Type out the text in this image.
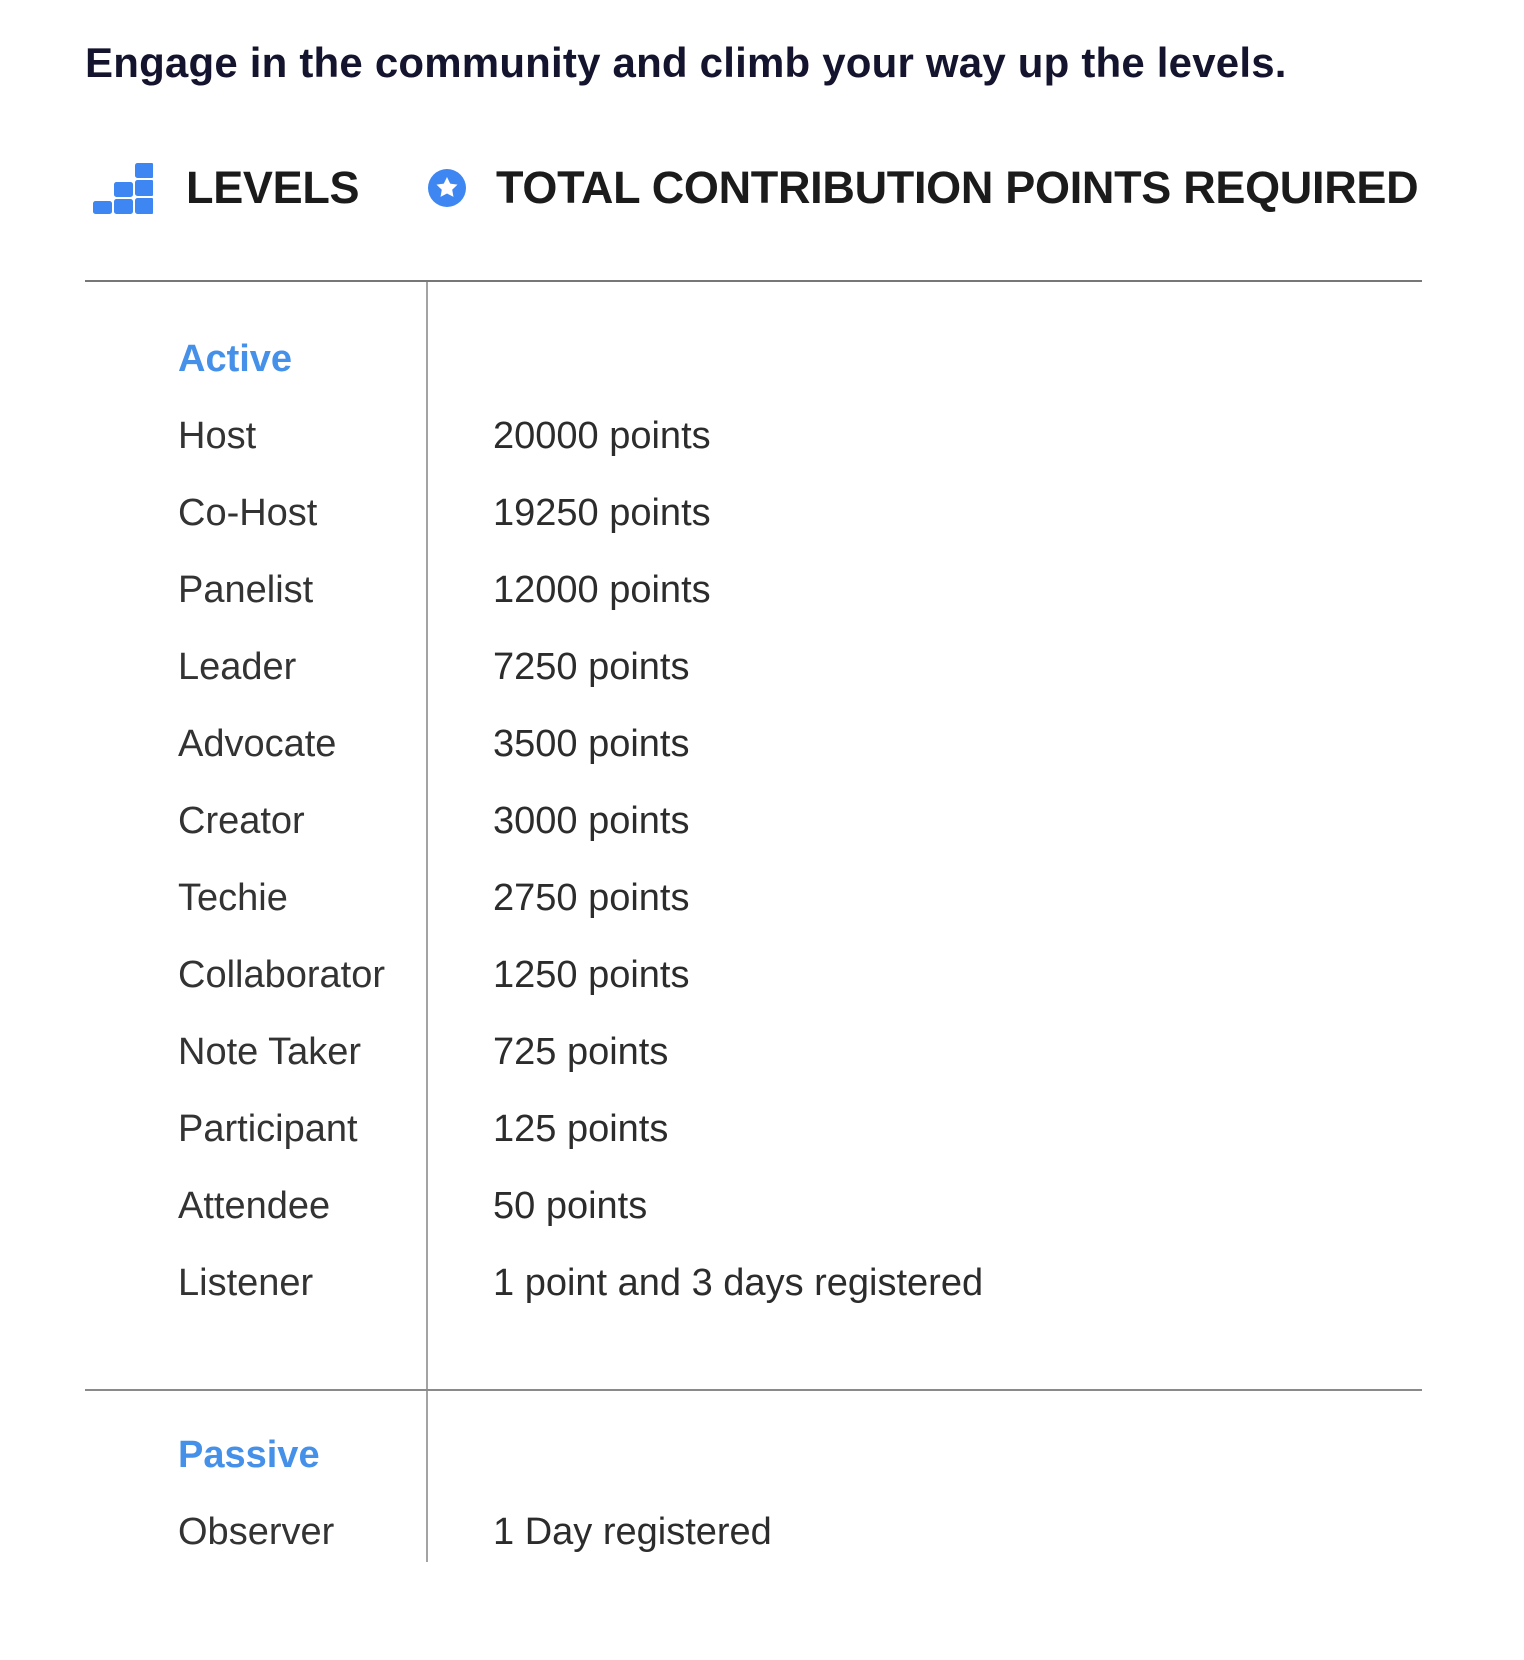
Engage in the community and climb your way up the levels.
LEVELS	TOTAL CONTRIBUTION POINTS REQUIRED
Active
Host	20000 points
Co-Host	19250 points
Panelist	12000 points
Leader	7250 points
Advocate	3500 points
Creator	3000 points
Techie	2750 points
Collaborator	1250 points
Note Taker	725 points
Participant	125 points
Attendee	50 points
Listener	1 point and 3 days registered
Passive
Observer	1 Day registered
